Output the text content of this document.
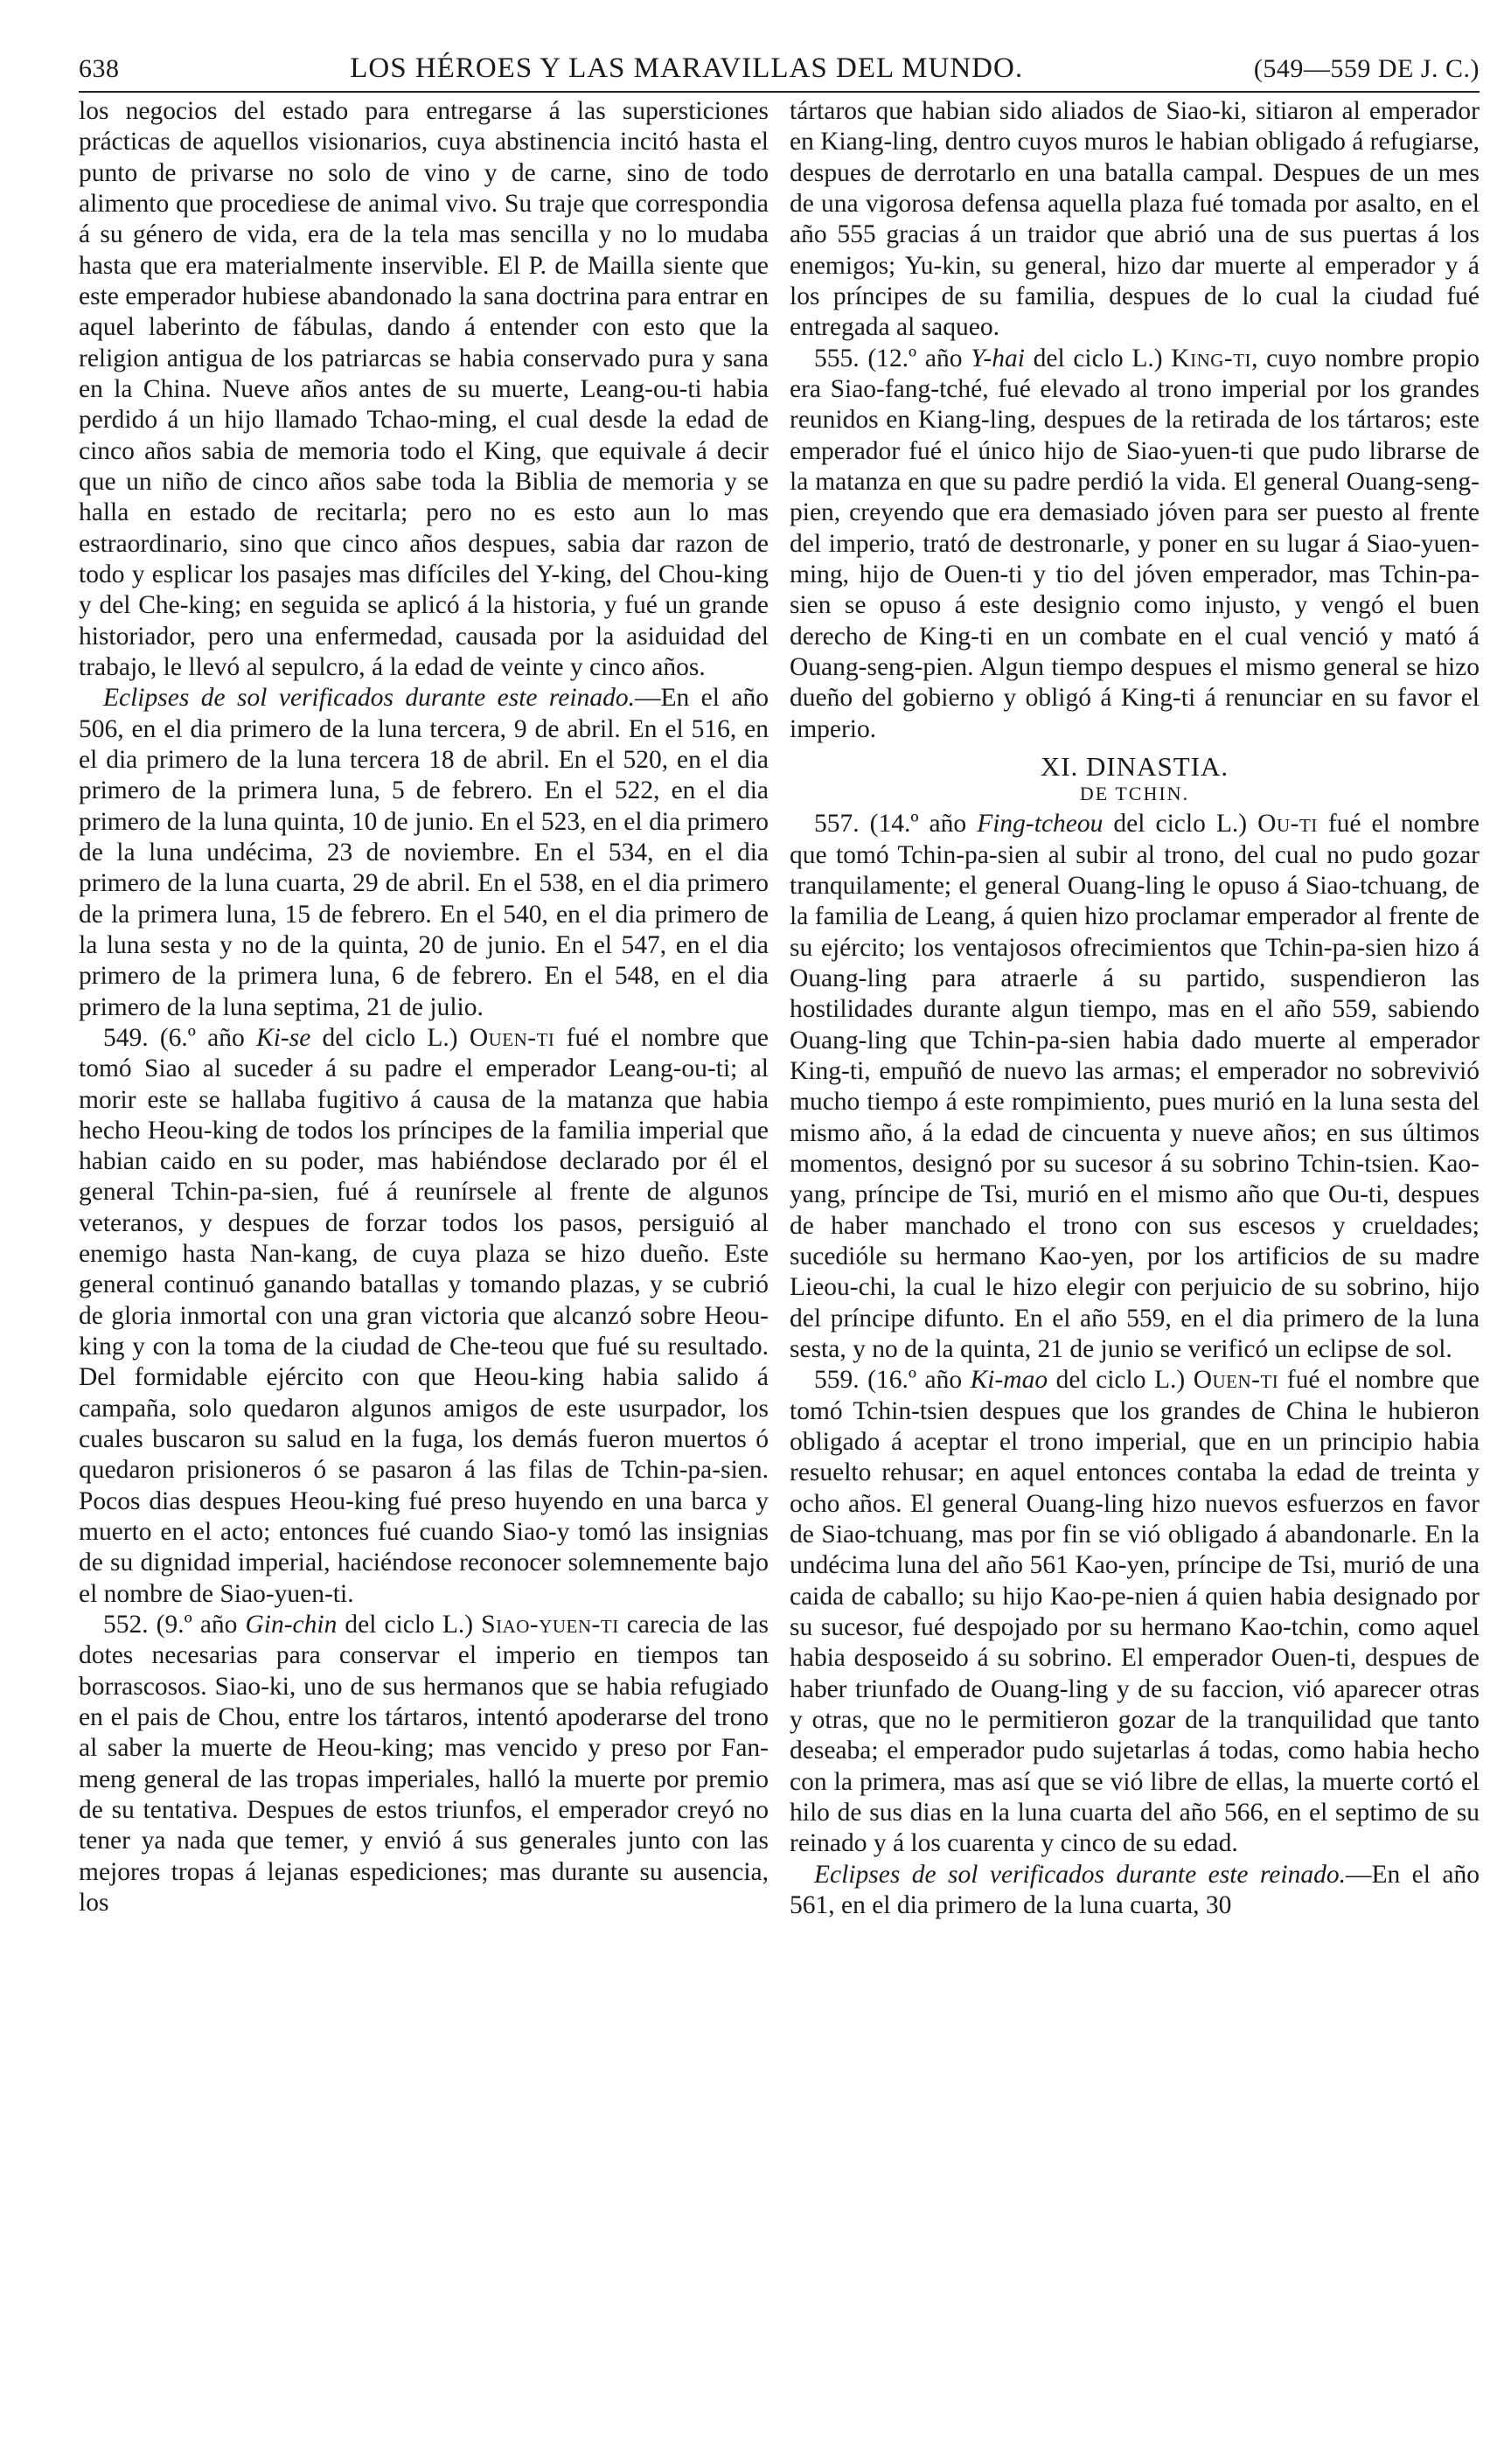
638	LOS HÉROES Y LAS MARAVILLAS DEL MUNDO.	(549—559 DE J. C.)

los negocios del estado para entregarse á las supersticiones prácticas de aquellos visionarios, cuya abstinencia incitó hasta el punto de privarse no solo de vino y de carne, sino de todo alimento que procediese de animal vivo. Su traje que correspondia á su género de vida, era de la tela mas sencilla y no lo mudaba hasta que era materialmente inservible. El P. de Mailla siente que este emperador hubiese abandonado la sana doctrina para entrar en aquel laberinto de fábulas, dando á entender con esto que la religion antigua de los patriarcas se habia conservado pura y sana en la China. Nueve años antes de su muerte, Leang-ou-ti habia perdido á un hijo llamado Tchao-ming, el cual desde la edad de cinco años sabia de memoria todo el King, que equivale á decir que un niño de cinco años sabe toda la Biblia de memoria y se halla en estado de recitarla; pero no es esto aun lo mas estraordinario, sino que cinco años despues, sabia dar razon de todo y esplicar los pasajes mas difíciles del Y-king, del Chou-king y del Che-king; en seguida se aplicó á la historia, y fué un grande historiador, pero una enfermedad, causada por la asiduidad del trabajo, le llevó al sepulcro, á la edad de veinte y cinco años.

Eclipses de sol verificados durante este reinado.—En el año 506, en el dia primero de la luna tercera, 9 de abril. En el 516, en el dia primero de la luna tercera 18 de abril. En el 520, en el dia primero de la primera luna, 5 de febrero. En el 522, en el dia primero de la luna quinta, 10 de junio. En el 523, en el dia primero de la luna undécima, 23 de noviembre. En el 534, en el dia primero de la luna cuarta, 29 de abril. En el 538, en el dia primero de la primera luna, 15 de febrero. En el 540, en el dia primero de la luna sesta y no de la quinta, 20 de junio. En el 547, en el dia primero de la primera luna, 6 de febrero. En el 548, en el dia primero de la luna septima, 21 de julio.

549. (6.º año Ki-se del ciclo L.) Ouen-ti fué el nombre que tomó Siao al suceder á su padre el emperador Leang-ou-ti; al morir este se hallaba fugitivo á causa de la matanza que habia hecho Heou-king de todos los príncipes de la familia imperial que habian caido en su poder, mas habiéndose declarado por él el general Tchin-pa-sien, fué á reunírsele al frente de algunos veteranos, y despues de forzar todos los pasos, persiguió al enemigo hasta Nan-kang, de cuya plaza se hizo dueño. Este general continuó ganando batallas y tomando plazas, y se cubrió de gloria inmortal con una gran victoria que alcanzó sobre Heou-king y con la toma de la ciudad de Che-teou que fué su resultado. Del formidable ejército con que Heou-king habia salido á campaña, solo quedaron algunos amigos de este usurpador, los cuales buscaron su salud en la fuga, los demás fueron muertos ó quedaron prisioneros ó se pasaron á las filas de Tchin-pa-sien. Pocos dias despues Heou-king fué preso huyendo en una barca y muerto en el acto; entonces fué cuando Siao-y tomó las insignias de su dignidad imperial, haciéndose reconocer solemnemente bajo el nombre de Siao-yuen-ti.

552. (9.º año Gin-chin del ciclo L.) Siao-yuen-ti carecia de las dotes necesarias para conservar el imperio en tiempos tan borrascosos. Siao-ki, uno de sus hermanos que se habia refugiado en el pais de Chou, entre los tártaros, intentó apoderarse del trono al saber la muerte de Heou-king; mas vencido y preso por Fan-meng general de las tropas imperiales, halló la muerte por premio de su tentativa. Despues de estos triunfos, el emperador creyó no tener ya nada que temer, y envió á sus generales junto con las mejores tropas á lejanas espediciones; mas durante su ausencia, los

tártaros que habian sido aliados de Siao-ki, sitiaron al emperador en Kiang-ling, dentro cuyos muros le habian obligado á refugiarse, despues de derrotarlo en una batalla campal. Despues de un mes de una vigorosa defensa aquella plaza fué tomada por asalto, en el año 555 gracias á un traidor que abrió una de sus puertas á los enemigos; Yu-kin, su general, hizo dar muerte al emperador y á los príncipes de su familia, despues de lo cual la ciudad fué entregada al saqueo.

555. (12.º año Y-hai del ciclo L.) King-ti, cuyo nombre propio era Siao-fang-tché, fué elevado al trono imperial por los grandes reunidos en Kiang-ling, despues de la retirada de los tártaros; este emperador fué el único hijo de Siao-yuen-ti que pudo librarse de la matanza en que su padre perdió la vida. El general Ouang-seng-pien, creyendo que era demasiado jóven para ser puesto al frente del imperio, trató de destronarle, y poner en su lugar á Siao-yuen-ming, hijo de Ouen-ti y tio del jóven emperador, mas Tchin-pa-sien se opuso á este designio como injusto, y vengó el buen derecho de King-ti en un combate en el cual venció y mató á Ouang-seng-pien. Algun tiempo despues el mismo general se hizo dueño del gobierno y obligó á King-ti á renunciar en su favor el imperio.

XI. DINASTIA.
DE TCHIN.

557. (14.º año Fing-tcheou del ciclo L.) Ou-ti fué el nombre que tomó Tchin-pa-sien al subir al trono, del cual no pudo gozar tranquilamente; el general Ouang-ling le opuso á Siao-tchuang, de la familia de Leang, á quien hizo proclamar emperador al frente de su ejército; los ventajosos ofrecimientos que Tchin-pa-sien hizo á Ouang-ling para atraerle á su partido, suspendieron las hostilidades durante algun tiempo, mas en el año 559, sabiendo Ouang-ling que Tchin-pa-sien habia dado muerte al emperador King-ti, empuñó de nuevo las armas; el emperador no sobrevivió mucho tiempo á este rompimiento, pues murió en la luna sesta del mismo año, á la edad de cincuenta y nueve años; en sus últimos momentos, designó por su sucesor á su sobrino Tchin-tsien. Kao-yang, príncipe de Tsi, murió en el mismo año que Ou-ti, despues de haber manchado el trono con sus escesos y crueldades; sucedióle su hermano Kao-yen, por los artificios de su madre Lieou-chi, la cual le hizo elegir con perjuicio de su sobrino, hijo del príncipe difunto. En el año 559, en el dia primero de la luna sesta, y no de la quinta, 21 de junio se verificó un eclipse de sol.

559. (16.º año Ki-mao del ciclo L.) Ouen-ti fué el nombre que tomó Tchin-tsien despues que los grandes de China le hubieron obligado á aceptar el trono imperial, que en un principio habia resuelto rehusar; en aquel entonces contaba la edad de treinta y ocho años. El general Ouang-ling hizo nuevos esfuerzos en favor de Siao-tchuang, mas por fin se vió obligado á abandonarle. En la undécima luna del año 561 Kao-yen, príncipe de Tsi, murió de una caida de caballo; su hijo Kao-pe-nien á quien habia designado por su sucesor, fué despojado por su hermano Kao-tchin, como aquel habia desposeido á su sobrino. El emperador Ouen-ti, despues de haber triunfado de Ouang-ling y de su faccion, vió aparecer otras y otras, que no le permitieron gozar de la tranquilidad que tanto deseaba; el emperador pudo sujetarlas á todas, como habia hecho con la primera, mas así que se vió libre de ellas, la muerte cortó el hilo de sus dias en la luna cuarta del año 566, en el septimo de su reinado y á los cuarenta y cinco de su edad.

Eclipses de sol verificados durante este reinado.—En el año 561, en el dia primero de la luna cuarta, 30
